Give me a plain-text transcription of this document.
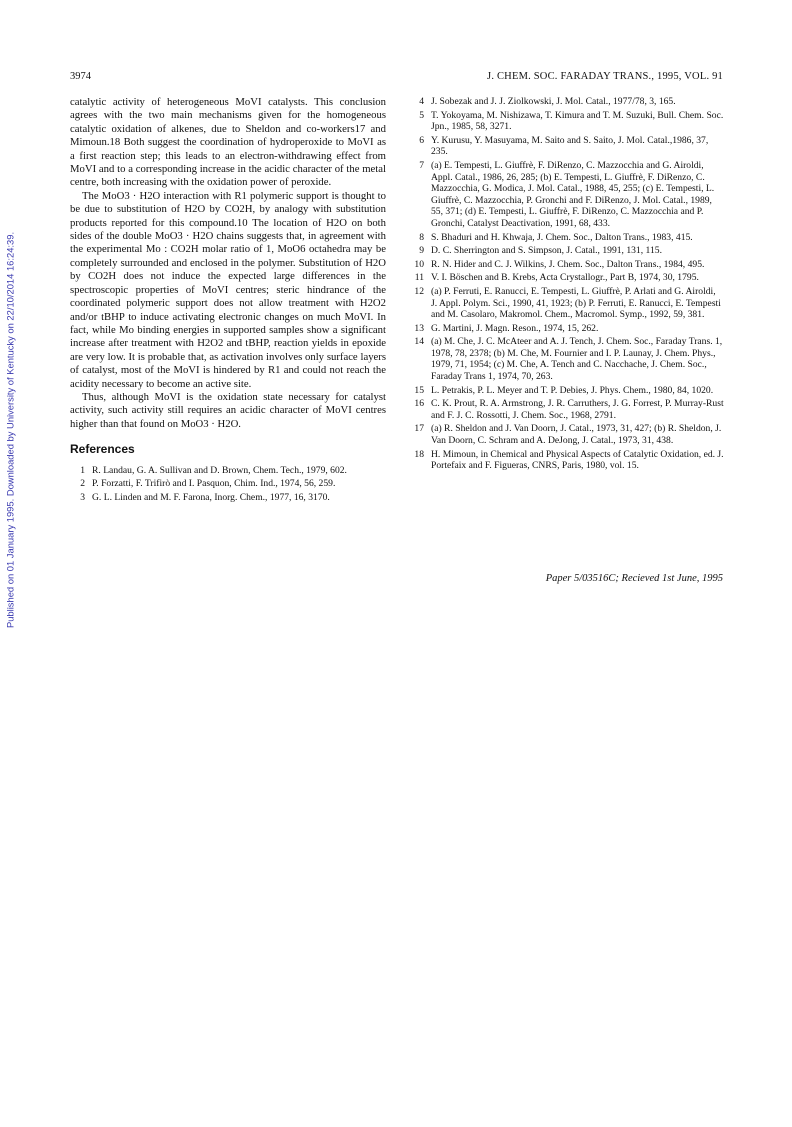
Published on 01 January 1995. Downloaded by University of Kentucky on 22/10/2014 16:24:39.
3974	J. CHEM. SOC. FARADAY TRANS., 1995, VOL. 91

catalytic activity of heterogeneous MoVI catalysts. This conclusion agrees with the two main mechanisms given for the homogeneous catalytic oxidation of alkenes, due to Sheldon and co-workers17 and Mimoun.18 Both suggest the coordination of hydroperoxide to MoVI as a first reaction step; this leads to an electron-withdrawing effect from MoVI and to a corresponding increase in the acidic character of the metal centre, both increasing with the oxidation power of peroxide.

The MoO3 · H2O interaction with R1 polymeric support is thought to be due to substitution of H2O by CO2H, by analogy with substitution products reported for this compound.10 The location of H2O on both sides of the double MoO3 · H2O chains suggests that, in agreement with the experimental Mo : CO2H molar ratio of 1, MoO6 octahedra may be completely surrounded and enclosed in the polymer. Substitution of H2O by CO2H does not induce the expected large differences in the spectroscopic properties of MoVI centres; steric hindrance of the coordinated polymeric support does not allow treatment with H2O2 and/or tBHP to induce activating electronic changes on much MoVI. In fact, while Mo binding energies in supported samples show a significant increase after treatment with H2O2 and tBHP, reaction yields in epoxide are very low. It is probable that, as activation involves only surface layers of catalyst, most of the MoVI is hindered by R1 and could not reach the acidity necessary to become an active site.

Thus, although MoVI is the oxidation state necessary for catalyst activity, such activity still requires an acidic character of MoVI centres higher than that found on MoO3 · H2O.

References
1 R. Landau, G. A. Sullivan and D. Brown, Chem. Tech., 1979, 602.
2 P. Forzatti, F. Trifirò and I. Pasquon, Chim. Ind., 1974, 56, 259.
3 G. L. Linden and M. F. Farona, Inorg. Chem., 1977, 16, 3170.
4 J. Sobezak and J. J. Ziolkowski, J. Mol. Catal., 1977/78, 3, 165.
5 T. Yokoyama, M. Nishizawa, T. Kimura and T. M. Suzuki, Bull. Chem. Soc. Jpn., 1985, 58, 3271.
6 Y. Kurusu, Y. Masuyama, M. Saito and S. Saito, J. Mol. Catal.,1986, 37, 235.
7 (a) E. Tempesti, L. Giuffrè, F. DiRenzo, C. Mazzocchia and G. Airoldi, Appl. Catal., 1986, 26, 285; (b) E. Tempesti, L. Giuffrè, F. DiRenzo, C. Mazzocchia, G. Modica, J. Mol. Catal., 1988, 45, 255; (c) E. Tempesti, L. Giuffrè, C. Mazzocchia, P. Gronchi and F. DiRenzo, J. Mol. Catal., 1989, 55, 371; (d) E. Tempesti, L. Giuffrè, F. DiRenzo, C. Mazzocchia and P. Gronchi, Catalyst Deactivation, 1991, 68, 433.
8 S. Bhaduri and H. Khwaja, J. Chem. Soc., Dalton Trans., 1983, 415.
9 D. C. Sherrington and S. Simpson, J. Catal., 1991, 131, 115.
10 R. N. Hider and C. J. Wilkins, J. Chem. Soc., Dalton Trans., 1984, 495.
11 V. I. Böschen and B. Krebs, Acta Crystallogr., Part B, 1974, 30, 1795.
12 (a) P. Ferruti, E. Ranucci, E. Tempesti, L. Giuffrè, P. Arlati and G. Airoldi, J. Appl. Polym. Sci., 1990, 41, 1923; (b) P. Ferruti, E. Ranucci, E. Tempesti and M. Casolaro, Makromol. Chem., Macromol. Symp., 1992, 59, 381.
13 G. Martini, J. Magn. Reson., 1974, 15, 262.
14 (a) M. Che, J. C. McAteer and A. J. Tench, J. Chem. Soc., Faraday Trans. 1, 1978, 78, 2378; (b) M. Che, M. Fournier and I. P. Launay, J. Chem. Phys., 1979, 71, 1954; (c) M. Che, A. Tench and C. Nacchache, J. Chem. Soc., Faraday Trans 1, 1974, 70, 263.
15 L. Petrakis, P. L. Meyer and T. P. Debies, J. Phys. Chem., 1980, 84, 1020.
16 C. K. Prout, R. A. Armstrong, J. R. Carruthers, J. G. Forrest, P. Murray-Rust and F. J. C. Rossotti, J. Chem. Soc., 1968, 2791.
17 (a) R. Sheldon and J. Van Doorn, J. Catal., 1973, 31, 427; (b) R. Sheldon, J. Van Doorn, C. Schram and A. DeJong, J. Catal., 1973, 31, 438.
18 H. Mimoun, in Chemical and Physical Aspects of Catalytic Oxidation, ed. J. Portefaix and F. Figueras, CNRS, Paris, 1980, vol. 15.
Paper 5/03516C; Recieved 1st June, 1995
